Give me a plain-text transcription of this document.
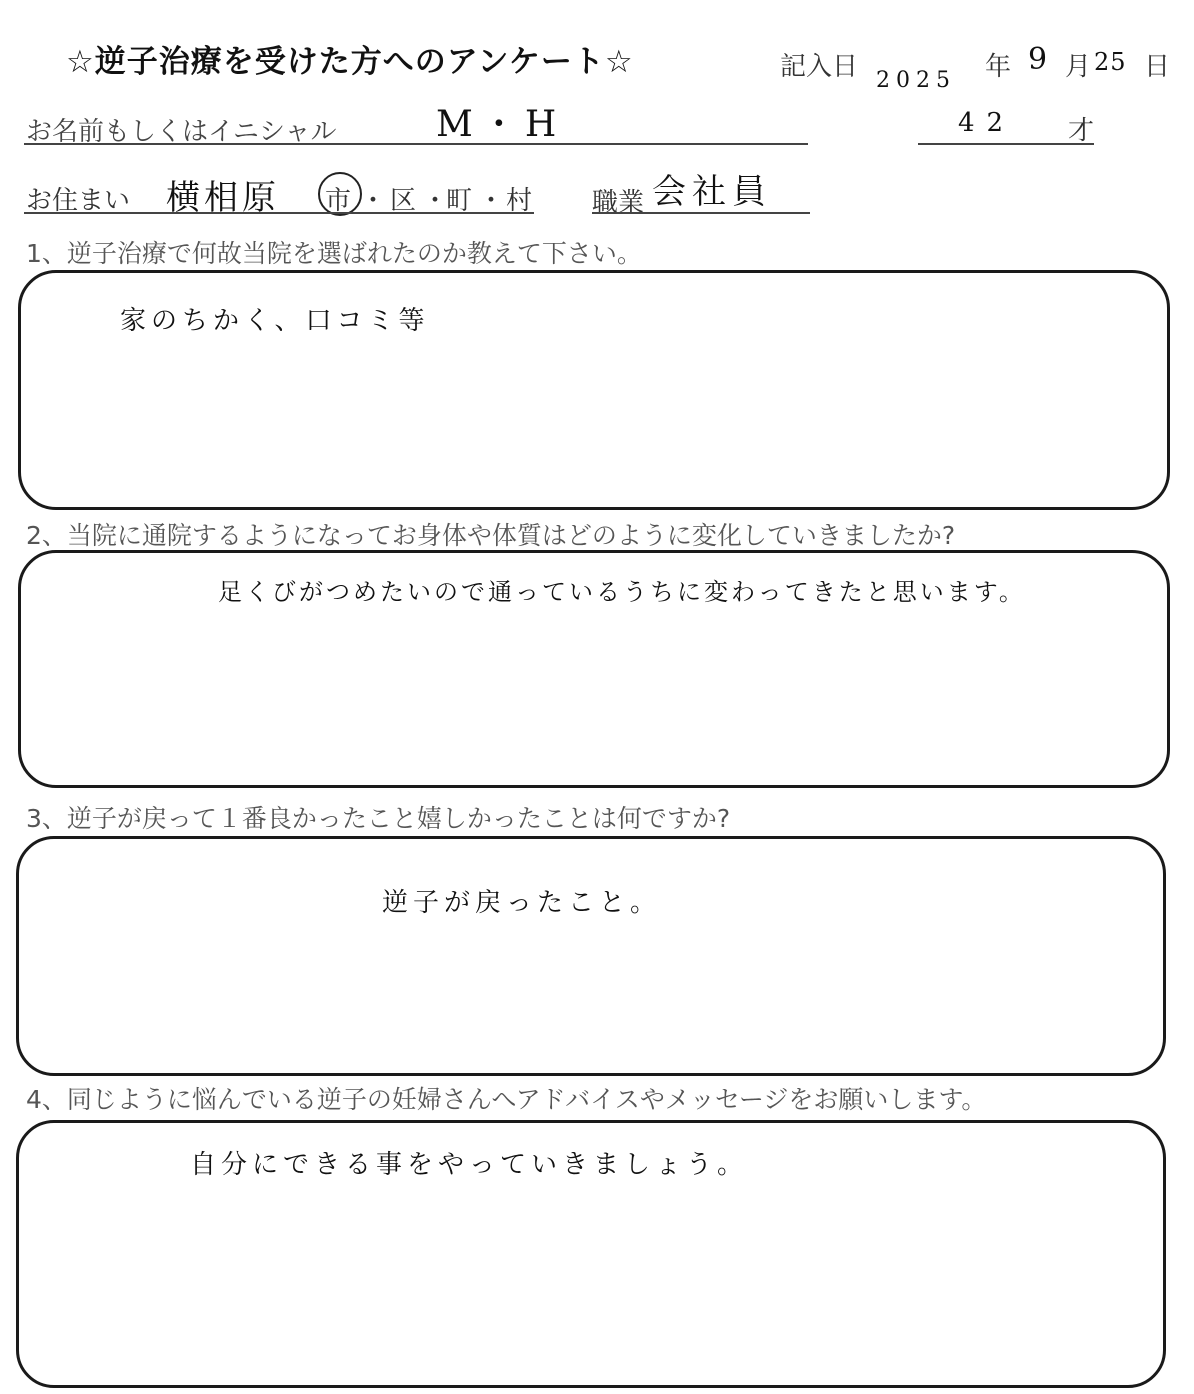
☆逆子治療を受けた方へのアンケート☆	記入日 2025 年 9 月 25 日
お名前もしくはイニシャル	M・H	42 才
お住まい 横相原 市 ・ 区 ・
町 ・ 村 職業 会社員
1、逆子治療で何故当院を選ばれたのか教えて下さい。
家のちかく、口コミ等
2、当院に通院するようになってお身体や体質はどのように変化していきましたか?
足くびがつめたいので通っているうちに変わってきたと思います。
3、逆子が戻って１番良かったこと嬉しかったことは何ですか?
逆子が戻ったこと。
4、同じように悩んでいる逆子の妊婦さんへアドバイスやメッセージをお願いします。
自分にできる事をやっていきましょう。
